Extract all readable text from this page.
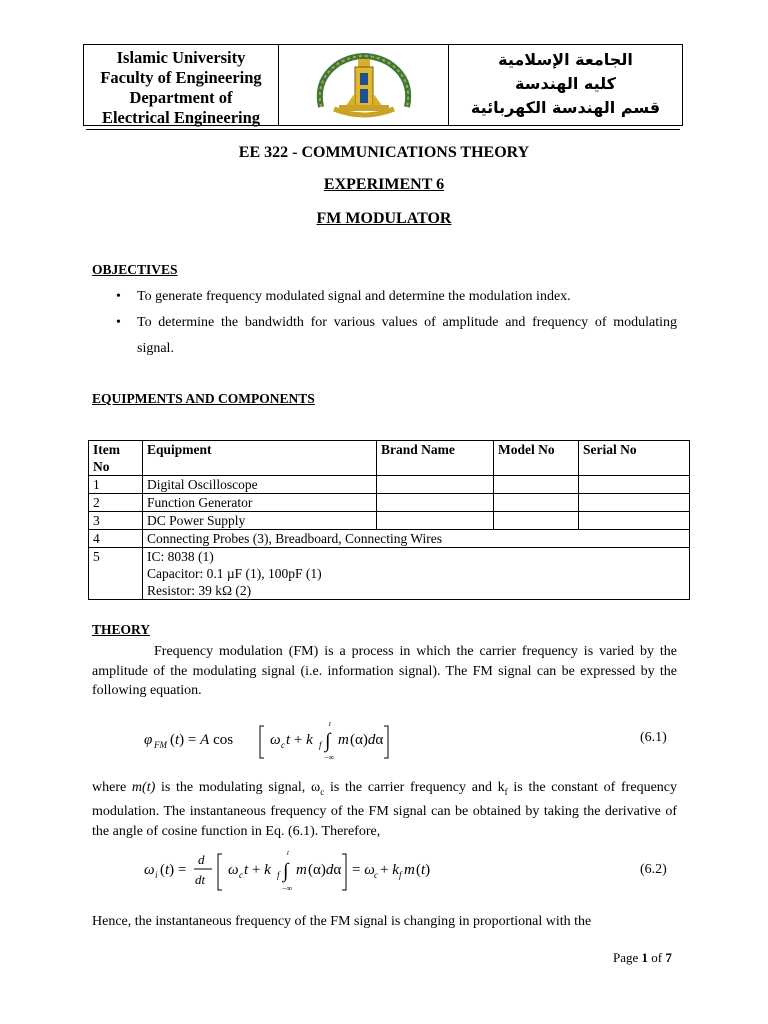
Islamic University
Faculty of Engineering
Department of
Electrical Engineering
الجامعة الإسلامية
كليه الهندسة
قسم الهندسة الكهربائية
EE 322 - COMMUNICATIONS THEORY
EXPERIMENT 6
FM MODULATOR
OBJECTIVES
• To generate frequency modulated signal and determine the modulation index.
• To determine the bandwidth for various values of amplitude and frequency of modulating signal.
EQUIPMENTS AND COMPONENTS
Item No	Equipment	Brand Name	Model No	Serial No
1	Digital Oscilloscope			
2	Function Generator			
3	DC Power Supply			
4	Connecting Probes (3), Breadboard, Connecting Wires			
5	IC: 8038 (1)
Capacitor: 0.1 µF (1), 100pF (1)
Resistor: 39 kΩ (2)			
THEORY
Frequency modulation (FM) is a process in which the carrier frequency is varied by the amplitude of the modulating signal (i.e. information signal). The FM signal can be expressed by the following equation.
φ FM (t) = A cos ω c t + k f ∫
t
−∞
m (α)dα	(6.1)
where m(t) is the modulating signal, $\omega_c$ is the carrier frequency and $k_f$ is the constant of frequency modulation. The instantaneous frequency of the FM signal can be obtained by taking the derivative of the angle of cosine function in Eq. (6.1). Therefore,
ω i (t) =
d
dt
ω c t + k f ∫
t
−∞
m (α)dα = ω c + k f m (t)	(6.2)
Hence, the instantaneous frequency of the FM signal is changing in proportional with the
Page 1 of 7
